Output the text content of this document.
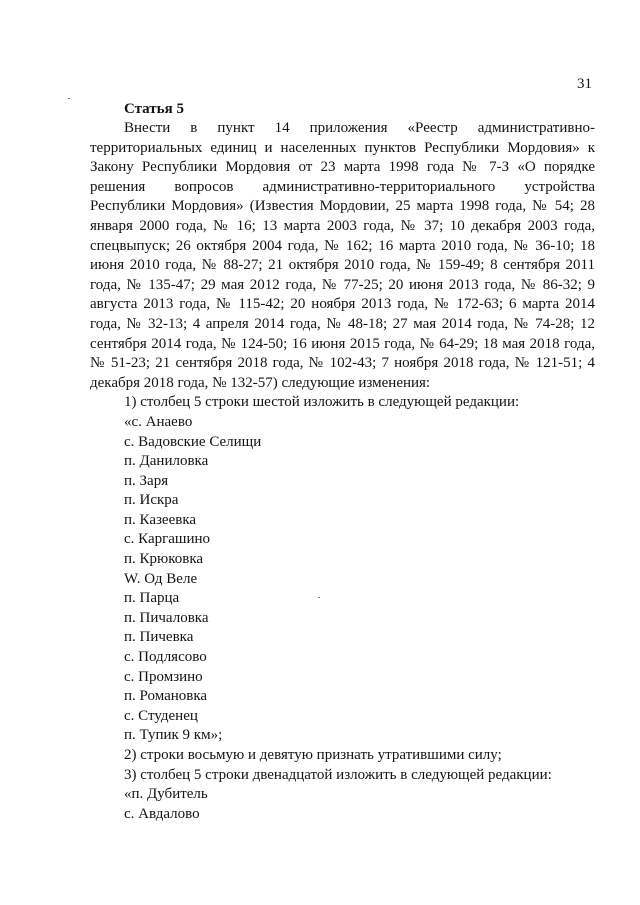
31
Статья 5

Внести в пункт 14 приложения «Реестр административно-территориальных единиц и населенных пунктов Республики Мордовия» к Закону Республики Мордовия от 23 марта 1998 года № 7-З «О порядке решения вопросов административно-территориального устройства Республики Мордовия» (Известия Мордовии, 25 марта 1998 года, № 54; 28 января 2000 года, № 16; 13 марта 2003 года, № 37; 10 декабря 2003 года, спецвыпуск; 26 октября 2004 года, № 162; 16 марта 2010 года, № 36-10; 18 июня 2010 года, № 88-27; 21 октября 2010 года, № 159-49; 8 сентября 2011 года, № 135-47; 29 мая 2012 года, № 77-25; 20 июня 2013 года, № 86-32; 9 августа 2013 года, № 115-42; 20 ноября 2013 года, № 172-63; 6 марта 2014 года, № 32-13; 4 апреля 2014 года, № 48-18; 27 мая 2014 года, № 74-28; 12 сентября 2014 года, № 124-50; 16 июня 2015 года, № 64-29; 18 мая 2018 года, № 51-23; 21 сентября 2018 года, № 102-43; 7 ноября 2018 года, № 121-51; 4 декабря 2018 года, № 132-57) следующие изменения:

1) столбец 5 строки шестой изложить в следующей редакции:

«с. Анаево
с. Вадовские Селищи
п. Даниловка
п. Заря
п. Искра
п. Казеевка
с. Каргашино
п. Крюковка
W. Од Веле
п. Парца
п. Пичаловка
п. Пичевка
с. Подлясово
с. Промзино
п. Романовка
с. Студенец
п. Тупик 9 км»;

2) строки восьмую и девятую признать утратившими силу;

3) столбец 5 строки двенадцатой изложить в следующей редакции:

«п. Дубитель
с. Авдалово
